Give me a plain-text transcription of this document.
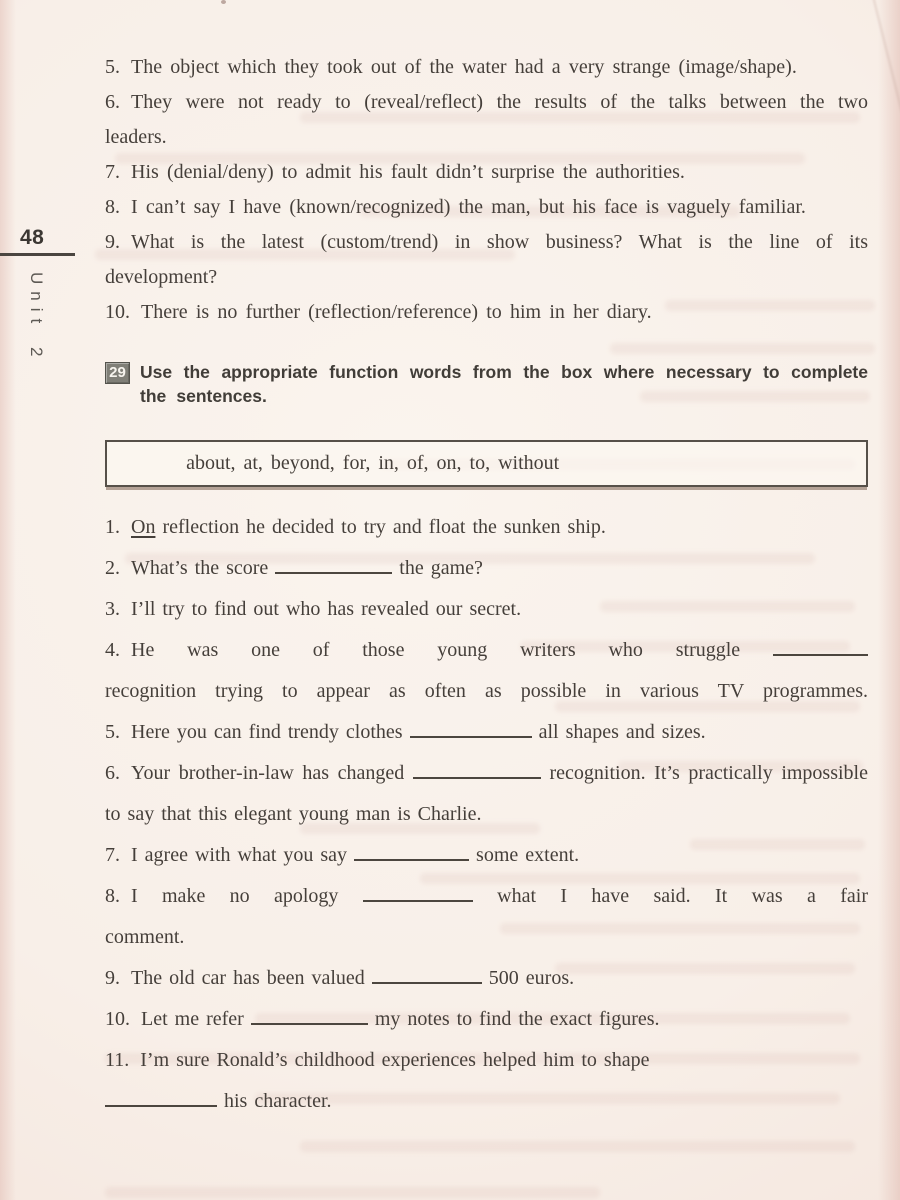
48
Unit 2
5. The object which they took out of the water had a very strange (image/shape).
6. They were not ready to (reveal/reflect) the results of the talks between the two leaders.
7. His (denial/deny) to admit his fault didn’t surprise the authorities.
8. I can’t say I have (known/recognized) the man, but his face is vaguely familiar.
9. What is the latest (custom/trend) in show business? What is the line of its development?
10. There is no further (reflection/reference) to him in her diary.
29 Use the appropriate function words from the box where necessary to complete the sentences.
about, at, beyond, for, in, of, on, to, without
1. On reflection he decided to try and float the sunken ship.
2. What’s the score	the game?
3. I’ll try to find out who has revealed our secret.
4. He was one of those young writers who struggle
recognition trying to appear as often as possible in various TV programmes.
5. Here you can find trendy clothes	all shapes and sizes.
6. Your brother-in-law has changed	recognition. It’s practically impossible to say that this elegant young man is Charlie.
7. I agree with what you say	some extent.
8. I make no apology	what I have said. It was a fair
comment.
9. The old car has been valued	500 euros.
10. Let me refer	my notes to find the exact figures.
11. I’m sure Ronald’s childhood experiences helped him to shape
his character.
